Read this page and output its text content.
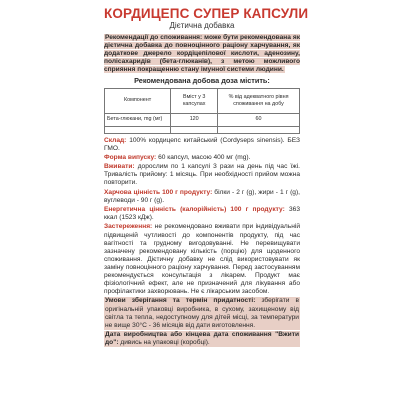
КОРДИЦЕПС СУПЕР КАПСУЛИ
Дієтична добавка
Рекомендації до споживання: може бути рекомендована як дієтична добавка до повноцінного раціону харчування, як додаткове джерело кордіцепілової кислоти, аденозину, полісахаридів (бета-глюканів), з метою можливого сприяння покращенню стану імунної системи людини.
Рекомендована добова доза містить:
Компонент	Вміст у 3 капсулах	% від адекватного рівня споживання на добу
Бета-глюкани, mg (мг)	120	60

Склад: 100% кордицепс китайський (Cordyseps sinensis). БЕЗ ГМО.

Форма випуску: 60 капсул, масою 400 мг (mg).

Вживати: дорослим по 1 капсулі 3 рази на день під час їжі. Тривалість прийому: 1 місяць. При необхідності прийом можна повторити.

Харчова цінність 100 г продукту: білки - 2 г (g), жири - 1 г (g), вуглеводи - 90 г (g).

Енергетична цінність (калорійність) 100 г продукту: 363 ккал (1523 кДж).

Застереження: не рекомендовано вживати при індивідуальній підвищеній чутливості до компонентів продукту, під час вагітності та грудному вигодовуванні. Не перевищувати зазначену рекомендовану кількість (порцію) для щоденного споживання. Дієтичну добавку не слід використовувати як заміну повноцінного раціону харчування. Перед застосуванням рекомендується консультація з лікарем. Продукт має фізіологічний ефект, але не призначений для лікування або профілактики захворювань. Не є лікарським засобом.

Умови зберігання та термін придатності: зберігати в оригінальній упаковці виробника, в сухому, захищеному від світла та тепла, недоступному для дітей місці, за температури не вище 30°С - 36 місяців від дати виготовлення.

Дата виробництва або кінцева дата споживання "Вжити до": дивись на упаковці (коробці).
